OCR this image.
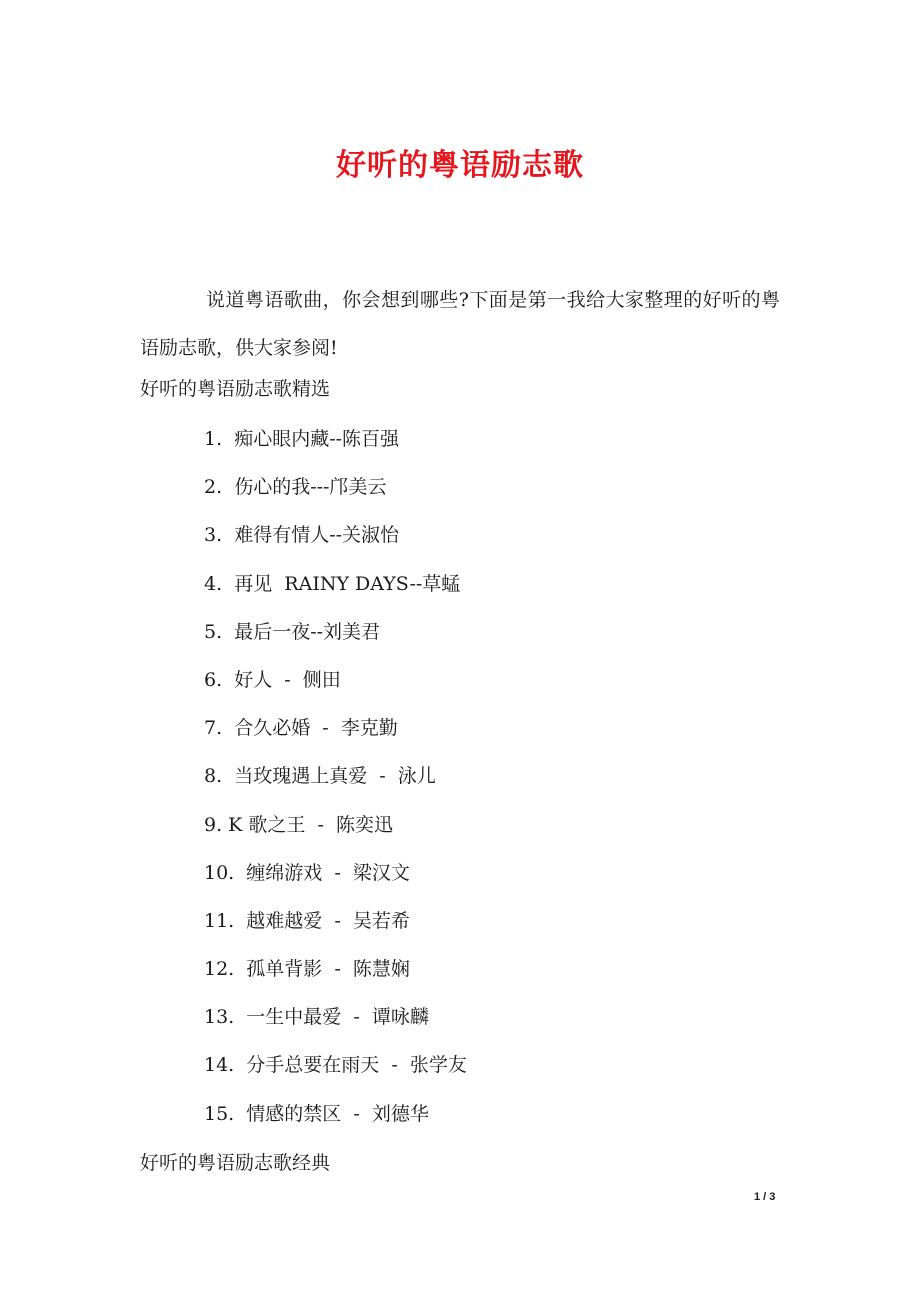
好听的粤语励志歌
说道粤语歌曲，你会想到哪些?下面是第一我给大家整理的好听的粤语励志歌，供大家参阅!
好听的粤语励志歌精选
1.  痴心眼内藏--陈百强
2.  伤心的我---邝美云
3.  难得有情人--关淑怡
4.  再见  RAINY DAYS--草蜢
5.  最后一夜--刘美君
6.  好人  -  侧田
7.  合久必婚  -  李克勤
8.  当玫瑰遇上真爱  -  泳儿
9. K 歌之王  -  陈奕迅
10.  缠绵游戏  -  梁汉文
11.  越难越爱  -  吴若希
12.  孤单背影  -  陈慧娴
13.  一生中最爱  -  谭咏麟
14.  分手总要在雨天  -  张学友
15.  情感的禁区  -  刘德华
好听的粤语励志歌经典
1 / 3
